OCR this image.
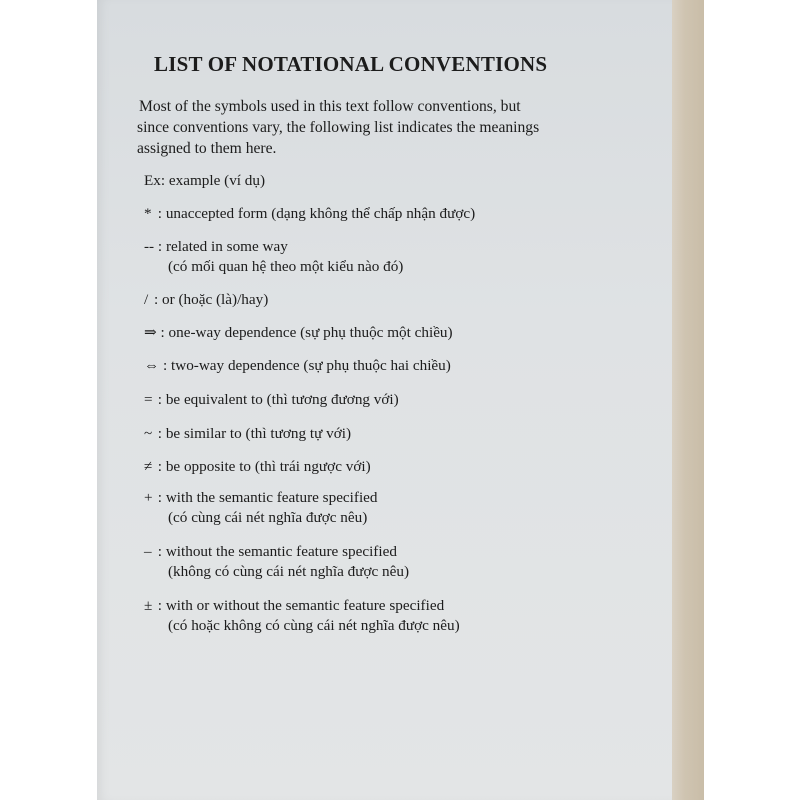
LIST OF NOTATIONAL CONVENTIONS
Most of the symbols used in this text follow conventions, but
since conventions vary, the following list indicates the meanings
assigned to them here.
Ex: example (ví dụ)
* : unaccepted form (dạng không thể chấp nhận được)
-- : related in some way
(có mối quan hệ theo một kiểu nào đó)
/ : or (hoặc (là)/hay)
⇒ : one-way dependence (sự phụ thuộc một chiều)
⇔ : two-way dependence (sự phụ thuộc hai chiều)
= : be equivalent to (thì tương đương với)
~ : be similar to (thì tương tự với)
≠ : be opposite to (thì trái ngược với)
+ : with the semantic feature specified
(có cùng cái nét nghĩa được nêu)
– : without the semantic feature specified
(không có cùng cái nét nghĩa được nêu)
± : with or without the semantic feature specified
(có hoặc không có cùng cái nét nghĩa được nêu)
